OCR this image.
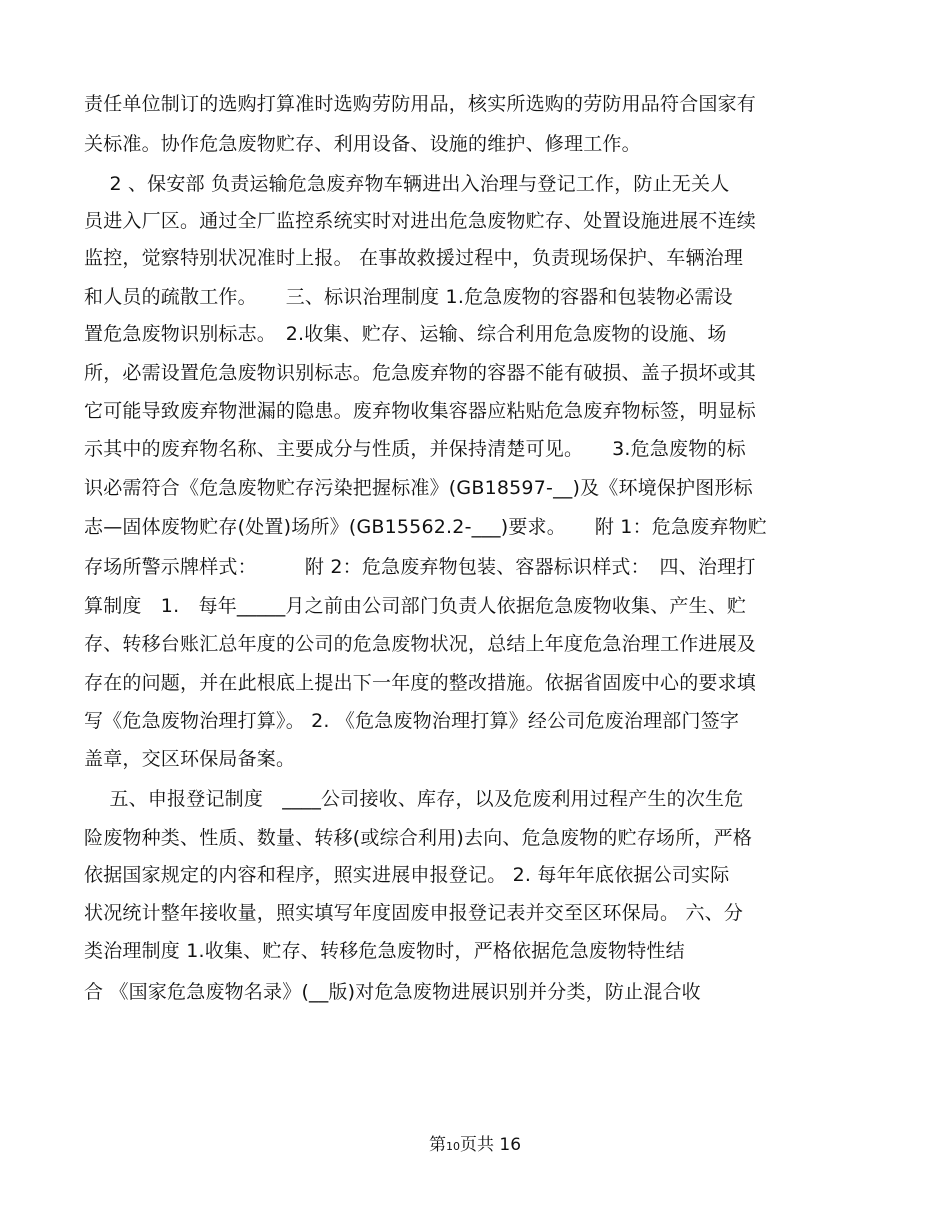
责任单位制订的选购打算准时选购劳防用品，核实所选购的劳防用品符合国家有
关标准。协作危急废物贮存、利用设备、设施的维护、修理工作。
　 2 、保安部 负责运输危急废弃物车辆进出入治理与登记工作，防止无关人
员进入厂区。通过全厂监控系统实时对进出危急废物贮存、处置设施进展不连续
监控，觉察特别状况准时上报。 在事故救援过程中，负责现场保护、车辆治理
和人员的疏散工作。　　三、标识治理制度 1.危急废物的容器和包装物必需设
置危急废物识别标志。　2.收集、贮存、运输、综合利用危急废物的设施、场
所，必需设置危急废物识别标志。危急废弃物的容器不能有破损、盖子损坏或其
它可能导致废弃物泄漏的隐患。废弃物收集容器应粘贴危急废弃物标签，明显标
示其中的废弃物名称、主要成分与性质，并保持清楚可见。　　3.危急废物的标
识必需符合《危急废物贮存污染把握标准》(GB18597-__)及《环境保护图形标
志—固体废物贮存(处置)场所》(GB15562.2-___)要求。　　附 1：危急废弃物贮
存场所警示牌样式：　　　附 2：危急废弃物包装、容器标识样式：　四、治理打
算制度　1.　每年_____月之前由公司部门负责人依据危急废物收集、产生、贮
存、转移台账汇总年度的公司的危急废物状况，总结上年度危急治理工作进展及
存在的问题，并在此根底上提出下一年度的整改措施。依据省固废中心的要求填
写《危急废物治理打算》。 2. 《危急废物治理打算》经公司危废治理部门签字
盖章，交区环保局备案。
　 五、申报登记制度　____公司接收、库存，以及危废利用过程产生的次生危
险废物种类、性质、数量、转移(或综合利用)去向、危急废物的贮存场所，严格
依据国家规定的内容和程序，照实进展申报登记。 2. 每年年底依据公司实际
状况统计整年接收量，照实填写年度固废申报登记表并交至区环保局。 六、分
类治理制度 1.收集、贮存、转移危急废物时，严格依据危急废物特性结
合 《国家危急废物名录》(__版)对危急废物进展识别并分类，防止混合收
第10页共 16
